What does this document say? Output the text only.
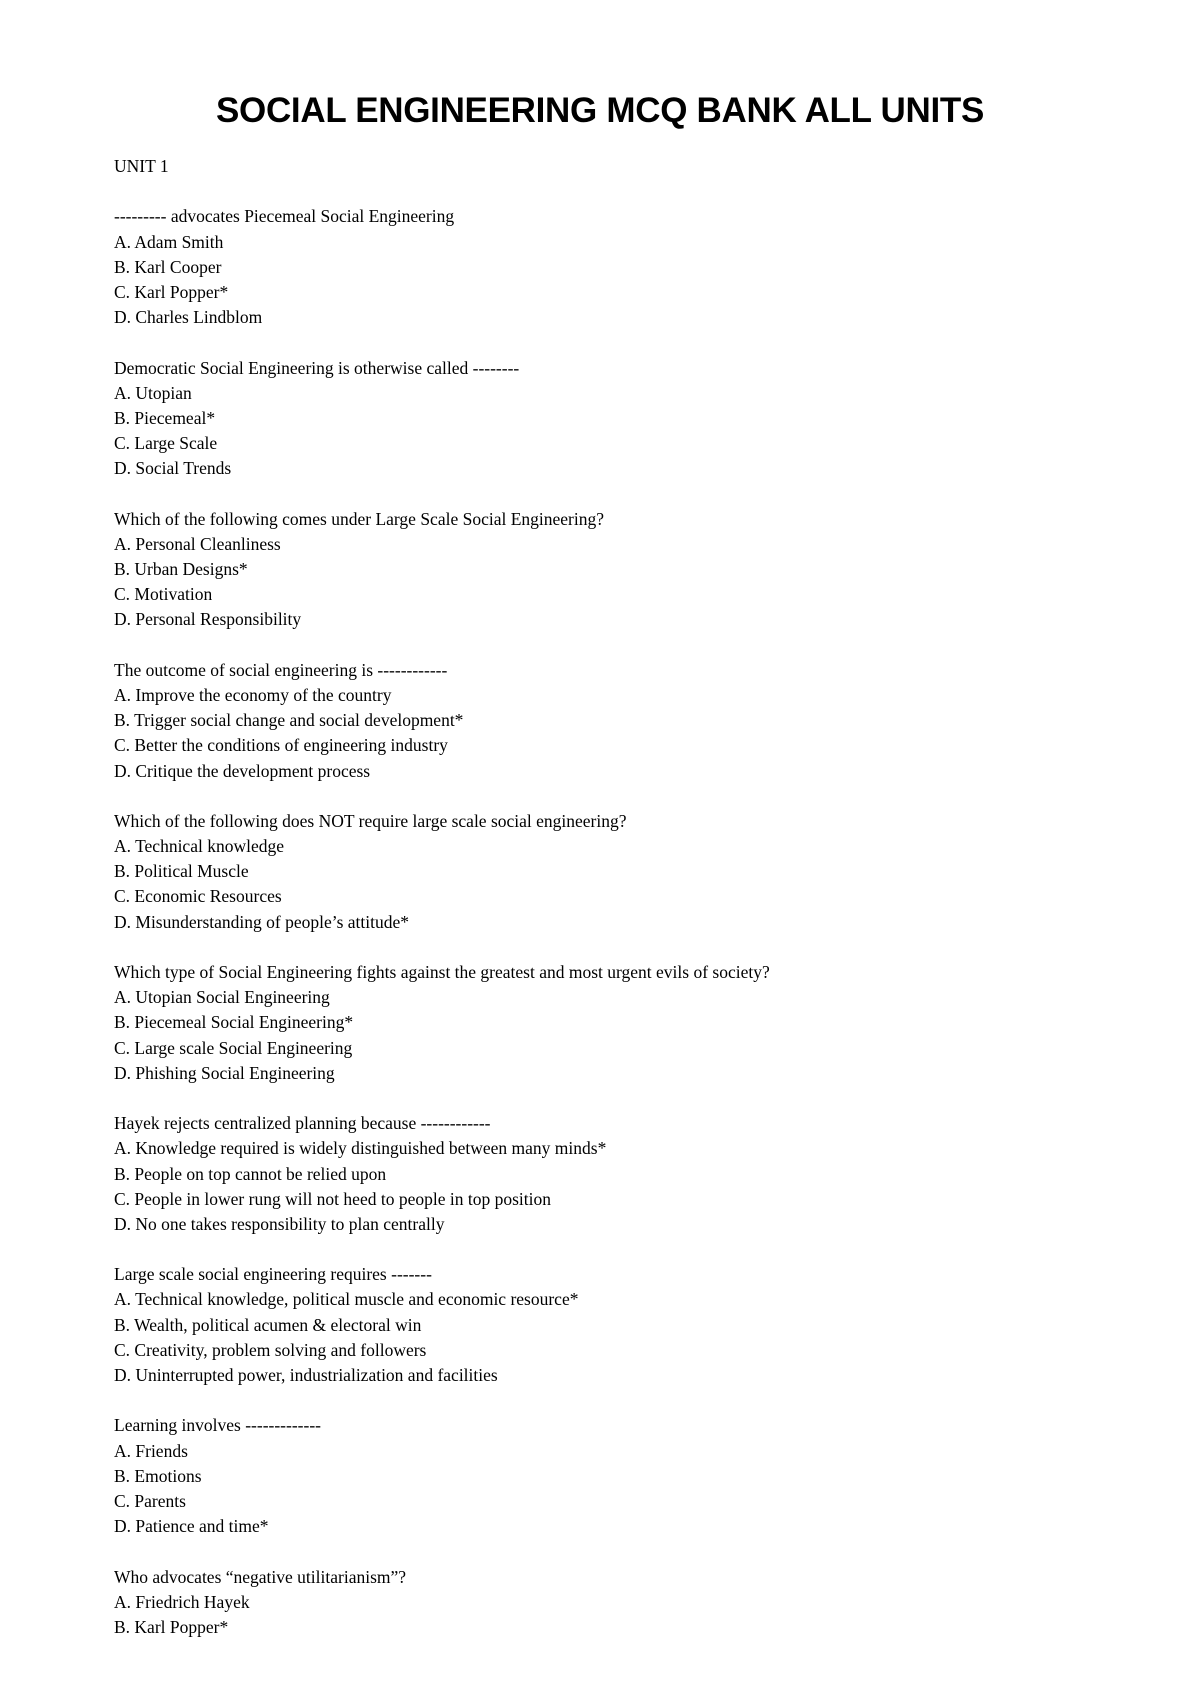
SOCIAL ENGINEERING MCQ BANK ALL UNITS
UNIT 1
--------- advocates Piecemeal Social Engineering
A. Adam Smith
B. Karl Cooper
C. Karl Popper*
D. Charles Lindblom
Democratic Social Engineering is otherwise called --------
A. Utopian
B. Piecemeal*
C. Large Scale
D. Social Trends
Which of the following comes under Large Scale Social Engineering?
A. Personal Cleanliness
B. Urban Designs*
C. Motivation
D. Personal Responsibility
The outcome of social engineering is ------------
A. Improve the economy of the country
B. Trigger social change and social development*
C. Better the conditions of engineering industry
D. Critique the development process
Which of the following does NOT require large scale social engineering?
A. Technical knowledge
B. Political Muscle
C. Economic Resources
D. Misunderstanding of people’s attitude*
Which type of Social Engineering fights against the greatest and most urgent evils of society?
A. Utopian Social Engineering
B. Piecemeal Social Engineering*
C. Large scale Social Engineering
D. Phishing Social Engineering
Hayek rejects centralized planning because ------------
A. Knowledge required is widely distinguished between many minds*
B. People on top cannot be relied upon
C. People in lower rung will not heed to people in top position
D. No one takes responsibility to plan centrally
Large scale social engineering requires -------
A. Technical knowledge, political muscle and economic resource*
B. Wealth, political acumen & electoral win
C. Creativity, problem solving and followers
D. Uninterrupted power, industrialization and facilities
Learning involves -------------
A. Friends
B. Emotions
C. Parents
D. Patience and time*
Who advocates “negative utilitarianism”?
A. Friedrich Hayek
B. Karl Popper*
